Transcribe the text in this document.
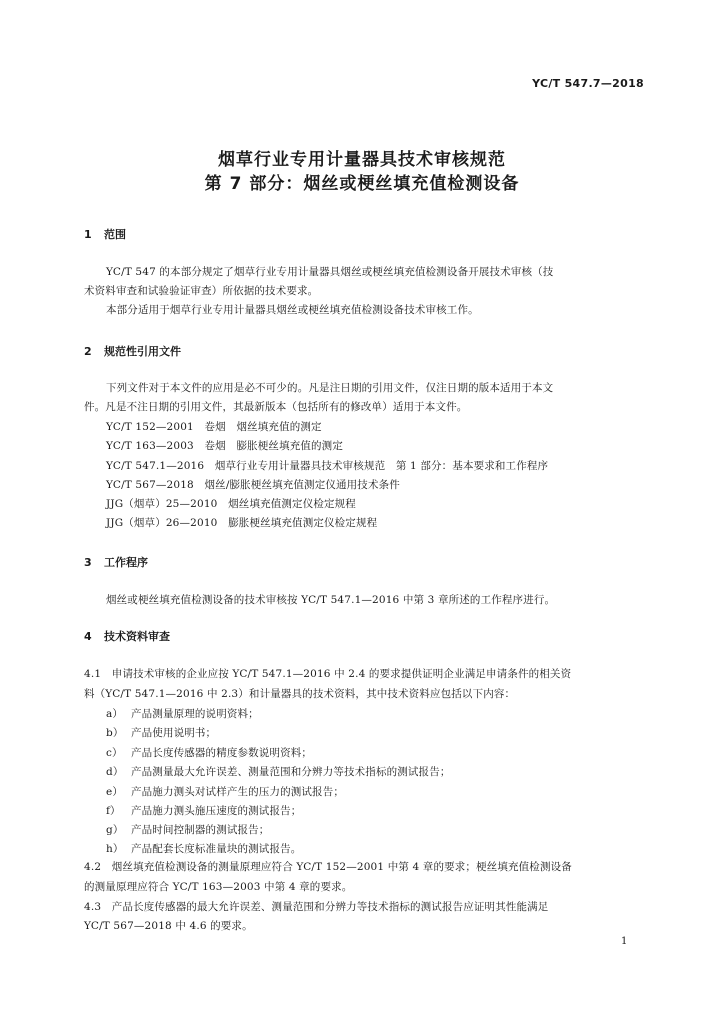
YC/T 547.7—2018
烟草行业专用计量器具技术审核规范
第 7 部分：烟丝或梗丝填充值检测设备
1 范围
YC/T 547 的本部分规定了烟草行业专用计量器具烟丝或梗丝填充值检测设备开展技术审核（技
术资料审查和试验验证审查）所依据的技术要求。
本部分适用于烟草行业专用计量器具烟丝或梗丝填充值检测设备技术审核工作。
2 规范性引用文件
下列文件对于本文件的应用是必不可少的。凡是注日期的引用文件，仅注日期的版本适用于本文
件。凡是不注日期的引用文件，其最新版本（包括所有的修改单）适用于本文件。
YC/T 152—2001　卷烟　烟丝填充值的测定
YC/T 163—2003　卷烟　膨胀梗丝填充值的测定
YC/T 547.1—2016　烟草行业专用计量器具技术审核规范　第 1 部分：基本要求和工作程序
YC/T 567—2018　烟丝/膨胀梗丝填充值测定仪通用技术条件
JJG（烟草）25—2010　烟丝填充值测定仪检定规程
JJG（烟草）26—2010　膨胀梗丝填充值测定仪检定规程
3 工作程序
烟丝或梗丝填充值检测设备的技术审核按 YC/T 547.1—2016 中第 3 章所述的工作程序进行。
4 技术资料审查
4.1　申请技术审核的企业应按 YC/T 547.1—2016 中 2.4 的要求提供证明企业满足申请条件的相关资
料（YC/T 547.1—2016 中 2.3）和计量器具的技术资料，其中技术资料应包括以下内容：
a） 产品测量原理的说明资料；
b） 产品使用说明书；
c） 产品长度传感器的精度参数说明资料；
d） 产品测量最大允许误差、测量范围和分辨力等技术指标的测试报告；
e） 产品施力测头对试样产生的压力的测试报告；
f） 产品施力测头施压速度的测试报告；
g） 产品时间控制器的测试报告；
h） 产品配套长度标准量块的测试报告。
4.2　烟丝填充值检测设备的测量原理应符合 YC/T 152—2001 中第 4 章的要求；梗丝填充值检测设备
的测量原理应符合 YC/T 163—2003 中第 4 章的要求。
4.3　产品长度传感器的最大允许误差、测量范围和分辨力等技术指标的测试报告应证明其性能满足
YC/T 567—2018 中 4.6 的要求。
1
